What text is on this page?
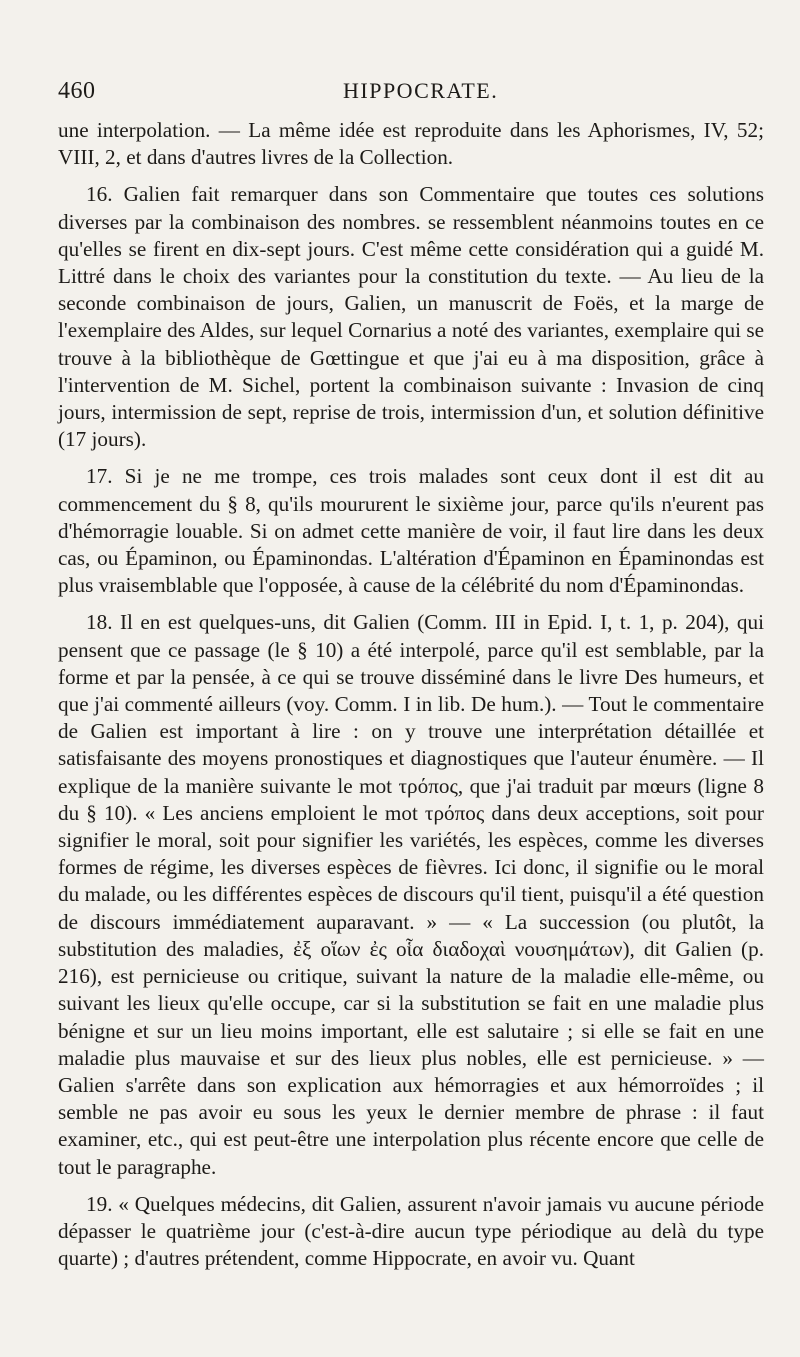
460	HIPPOCRATE.

une interpolation. — La même idée est reproduite dans les Aphorismes, IV, 52; VIII, 2, et dans d'autres livres de la Collection.

16. Galien fait remarquer dans son Commentaire que toutes ces solutions diverses par la combinaison des nombres. se ressemblent néanmoins toutes en ce qu'elles se firent en dix-sept jours. C'est même cette considération qui a guidé M. Littré dans le choix des variantes pour la constitution du texte. — Au lieu de la seconde combinaison de jours, Galien, un manuscrit de Foës, et la marge de l'exemplaire des Aldes, sur lequel Cornarius a noté des variantes, exemplaire qui se trouve à la bibliothèque de Gœttingue et que j'ai eu à ma disposition, grâce à l'intervention de M. Sichel, portent la combinaison suivante : Invasion de cinq jours, intermission de sept, reprise de trois, intermission d'un, et solution définitive (17 jours).

17. Si je ne me trompe, ces trois malades sont ceux dont il est dit au commencement du § 8, qu'ils moururent le sixième jour, parce qu'ils n'eurent pas d'hémorragie louable. Si on admet cette manière de voir, il faut lire dans les deux cas, ou Épaminon, ou Épaminondas. L'altération d'Épaminon en Épaminondas est plus vraisemblable que l'opposée, à cause de la célébrité du nom d'Épaminondas.

18. Il en est quelques-uns, dit Galien (Comm. III in Epid. I, t. 1, p. 204), qui pensent que ce passage (le § 10) a été interpolé, parce qu'il est semblable, par la forme et par la pensée, à ce qui se trouve disséminé dans le livre Des humeurs, et que j'ai commenté ailleurs (voy. Comm. I in lib. De hum.). — Tout le commentaire de Galien est important à lire : on y trouve une interprétation détaillée et satisfaisante des moyens pronostiques et diagnostiques que l'auteur énumère. — Il explique de la manière suivante le mot τρόπος, que j'ai traduit par mœurs (ligne 8 du § 10). « Les anciens emploient le mot τρόπος dans deux acceptions, soit pour signifier le moral, soit pour signifier les variétés, les espèces, comme les diverses formes de régime, les diverses espèces de fièvres. Ici donc, il signifie ou le moral du malade, ou les différentes espèces de discours qu'il tient, puisqu'il a été question de discours immédiatement auparavant. » — « La succession (ou plutôt, la substitution des maladies, ἐξ οἵων ἐς οἷα διαδοχαὶ νουσημάτων), dit Galien (p. 216), est pernicieuse ou critique, suivant la nature de la maladie elle-même, ou suivant les lieux qu'elle occupe, car si la substitution se fait en une maladie plus bénigne et sur un lieu moins important, elle est salutaire ; si elle se fait en une maladie plus mauvaise et sur des lieux plus nobles, elle est pernicieuse. » — Galien s'arrête dans son explication aux hémorragies et aux hémorroïdes ; il semble ne pas avoir eu sous les yeux le dernier membre de phrase : il faut examiner, etc., qui est peut-être une interpolation plus récente encore que celle de tout le paragraphe.

19. « Quelques médecins, dit Galien, assurent n'avoir jamais vu aucune période dépasser le quatrième jour (c'est-à-dire aucun type périodique au delà du type quarte) ; d'autres prétendent, comme Hippocrate, en avoir vu. Quant
